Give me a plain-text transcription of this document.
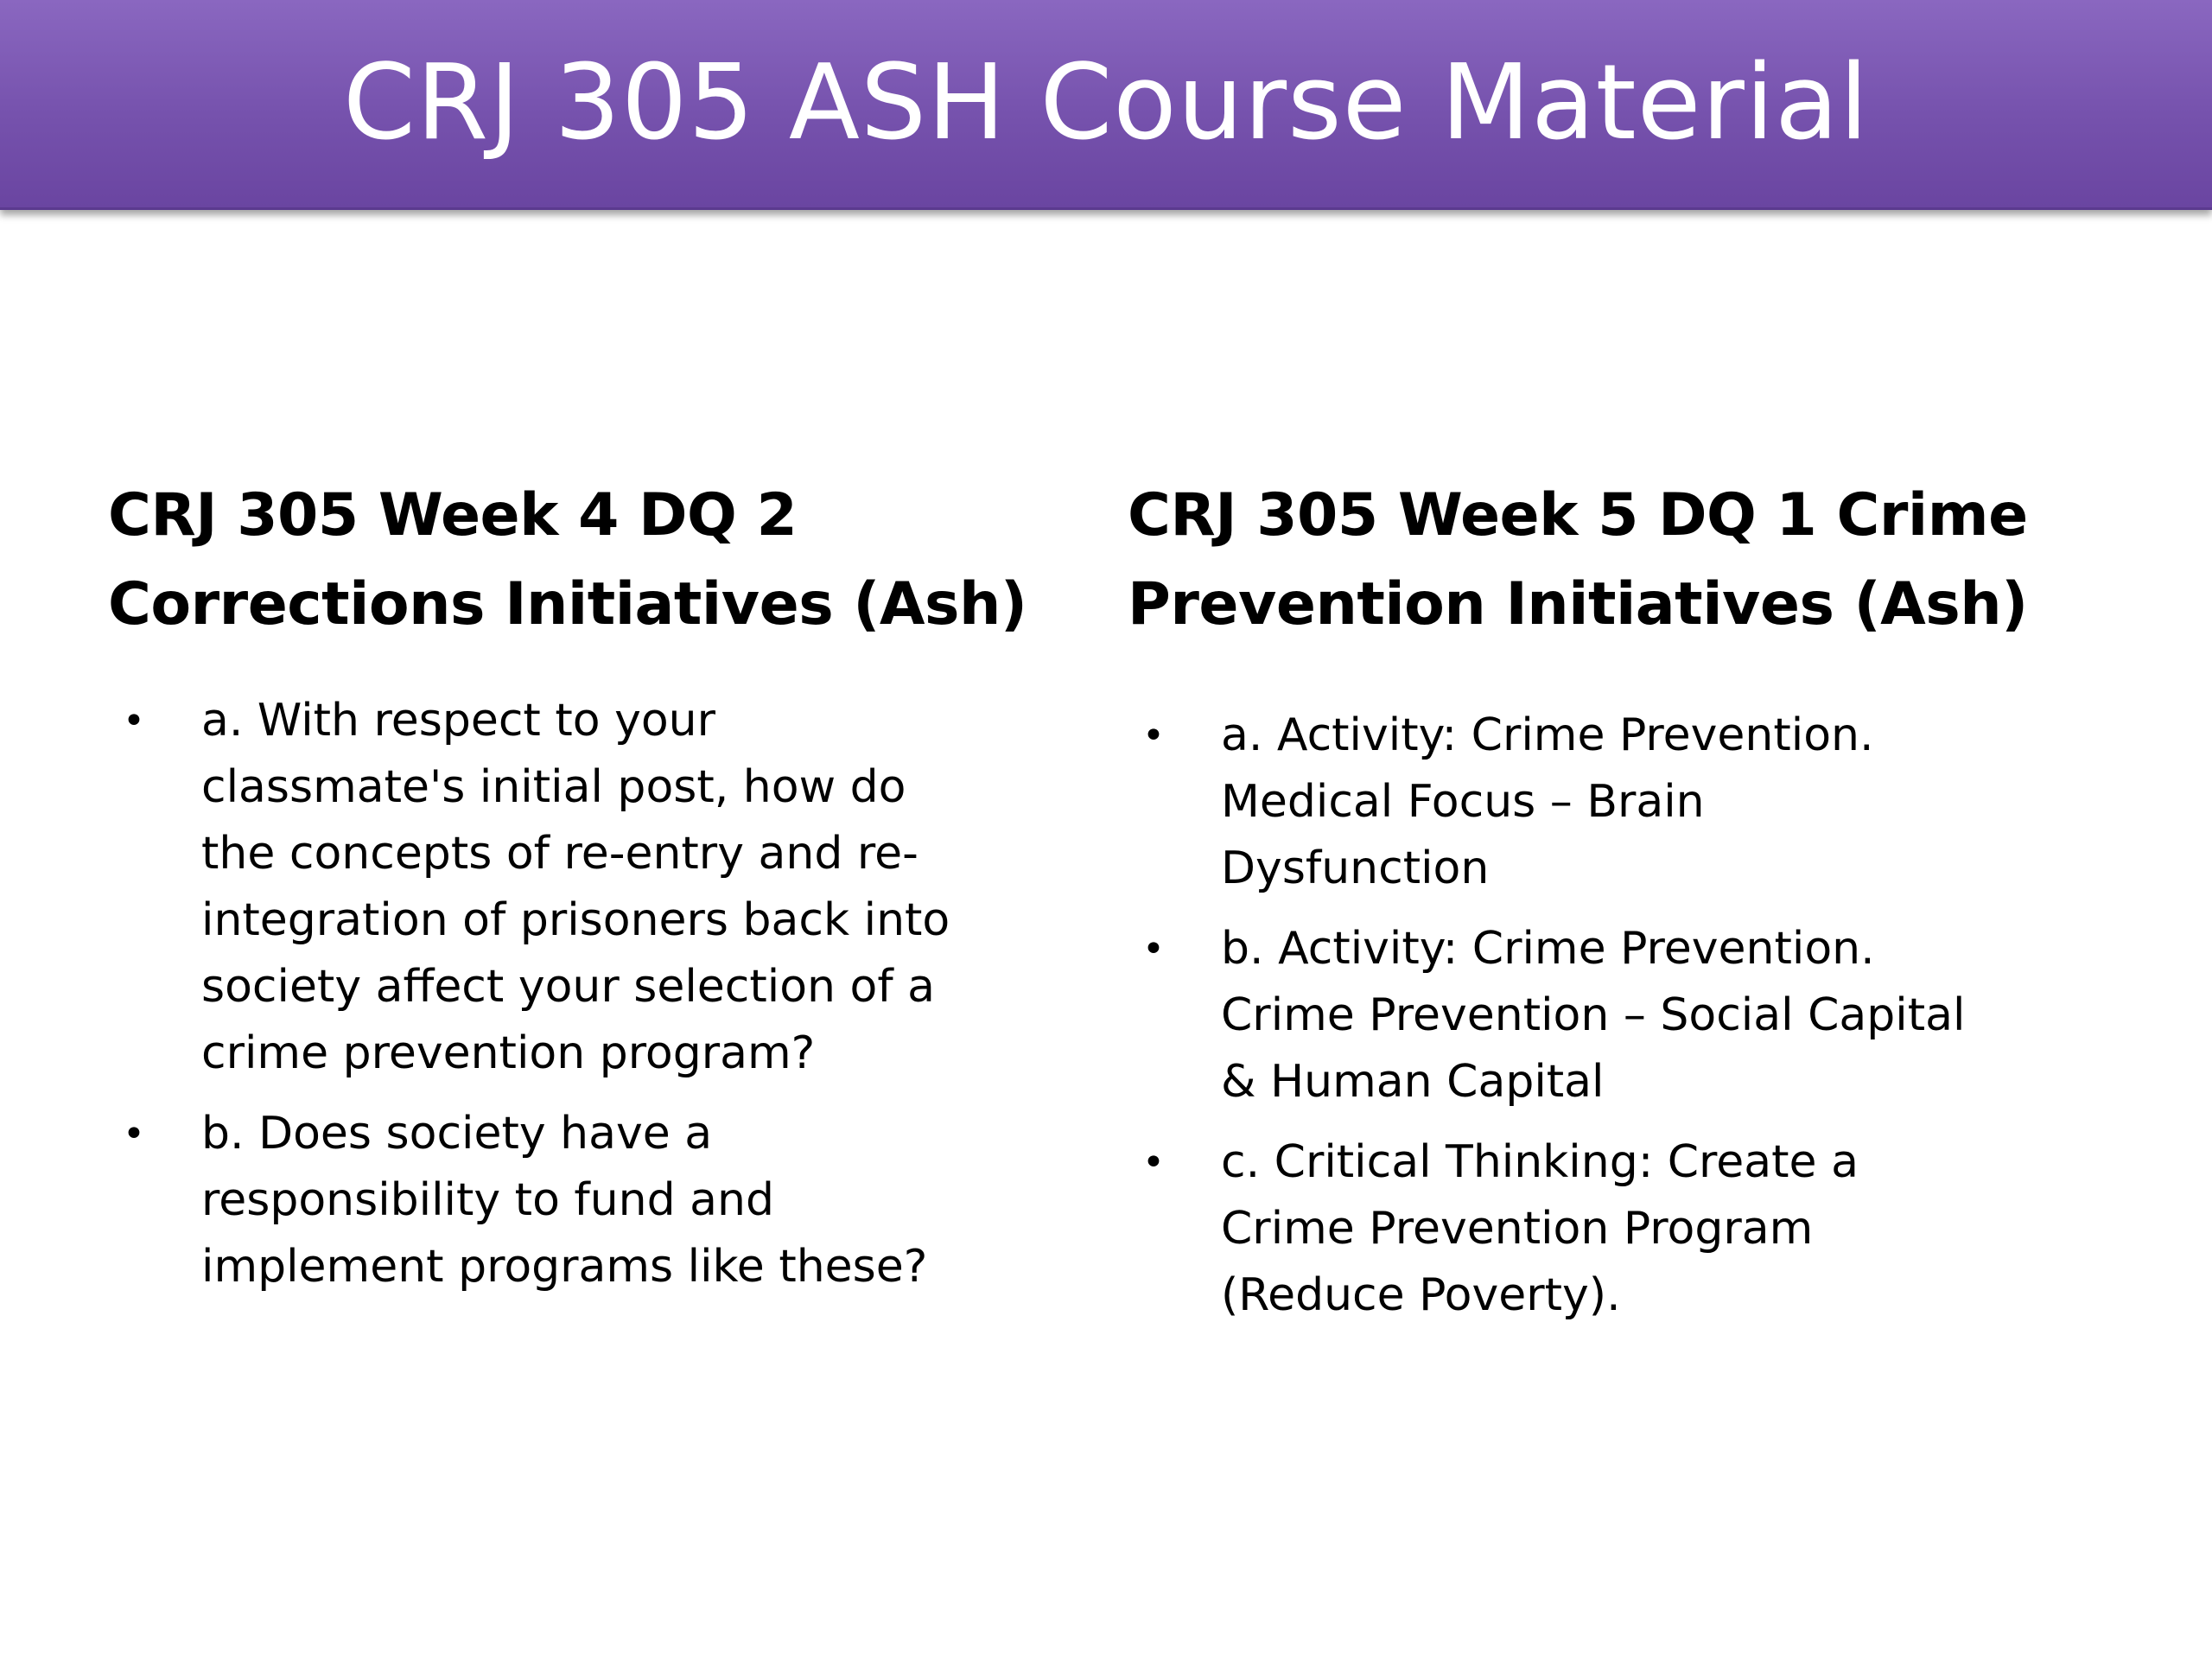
CRJ 305 ASH Course Material
CRJ 305 Week 4 DQ 2
Corrections Initiatives (Ash)
• a. With respect to your
classmate's initial post, how do
the concepts of re-entry and re-
integration of prisoners back into
society affect your selection of a
crime prevention program?
• b. Does society have a
responsibility to fund and
implement programs like these?
CRJ 305 Week 5 DQ 1 Crime
Prevention Initiatives (Ash)
• a. Activity: Crime Prevention.
Medical Focus – Brain
Dysfunction
• b. Activity: Crime Prevention.
Crime Prevention – Social Capital
& Human Capital
• c. Critical Thinking: Create a
Crime Prevention Program
(Reduce Poverty).
